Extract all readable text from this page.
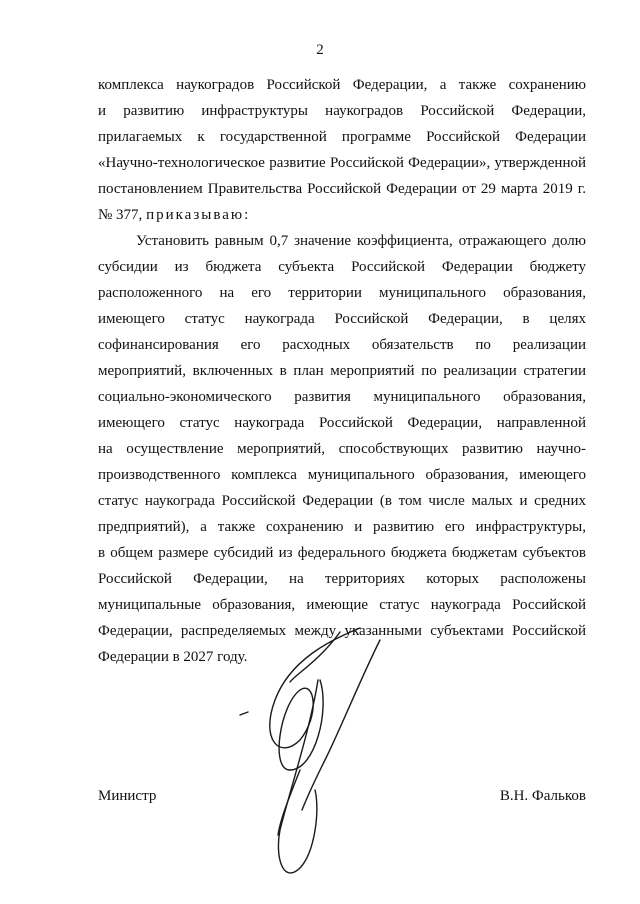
2
комплекса наукоградов Российской Федерации, а также сохранению
и развитию инфраструктуры наукоградов Российской Федерации,
прилагаемых к государственной программе Российской Федерации
«Научно-технологическое развитие Российской Федерации», утвержденной
постановлением Правительства Российской Федерации от 29 марта 2019 г.
№ 377, приказываю:
Установить равным 0,7 значение коэффициента, отражающего долю
субсидии из бюджета субъекта Российской Федерации бюджету
расположенного на его территории муниципального образования,
имеющего статус наукограда Российской Федерации, в целях
софинансирования его расходных обязательств по реализации
мероприятий, включенных в план мероприятий по реализации стратегии
социально-экономического развития муниципального образования,
имеющего статус наукограда Российской Федерации, направленной
на осуществление мероприятий, способствующих развитию научно-
производственного комплекса муниципального образования, имеющего
статус наукограда Российской Федерации (в том числе малых и средних
предприятий), а также сохранению и развитию его инфраструктуры,
в общем размере субсидий из федерального бюджета бюджетам субъектов
Российской Федерации, на территориях которых расположены
муниципальные образования, имеющие статус наукограда Российской
Федерации, распределяемых между указанными субъектами Российской
Федерации в 2027 году.
Министр	В.Н. Фальков
